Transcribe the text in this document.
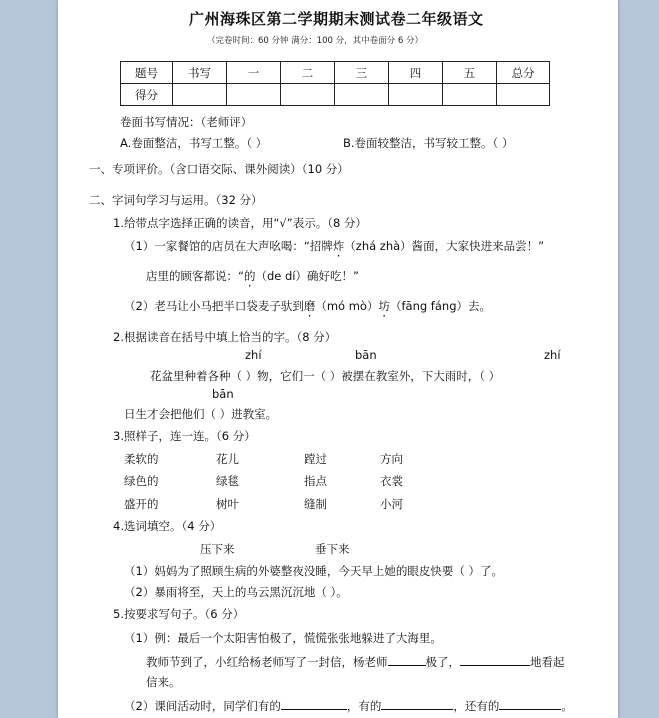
广州海珠区第二学期期末测试卷二年级语文
（完卷时间：60 分钟 满分：100 分，其中卷面分 6 分）
题号	书写	一	二	三	四	五	总分
得分							
卷面书写情况：（老师评）
A.卷面整洁，书写工整。（ ）	B.卷面较整洁，书写较工整。（ ）
一、专项评价。（含口语交际、课外阅读）（10 分）
二、字词句学习与运用。（32 分）
1.给带点字选择正确的读音，用“√”表示。（8 分）
（1）一家餐馆的店员在大声吆喝：“招牌炸（zhá zhà）酱面，大家快进来品尝！”
店里的顾客都说：“的（de dí）确好吃！”
（2）老马让小马把半口袋麦子驮到磨（mó mò）坊（fāng fáng）去。
2.根据读音在括号中填上恰当的字。（8 分）
zhí	bān	zhí
花盆里种着各种（ ）物，它们一（ ）被摆在教室外，下大雨时，（ ）
bān
日生才会把他们（ ）进教室。
3.照样子，连一连。（6 分）
柔软的	花儿	蹚过	方向
绿色的	绿毯	指点	衣裳
盛开的	树叶	缝制	小河
4.选词填空。（4 分）
压下来	垂下来
（1）妈妈为了照顾生病的外婆整夜没睡，今天早上她的眼皮快要（ ）了。
（2）暴雨将至，天上的乌云黑沉沉地（ ）。
5.按要求写句子。（6 分）
（1）例：最后一个太阳害怕极了，慌慌张张地躲进了大海里。
教师节到了，小红给杨老师写了一封信，杨老师	极了，	地看起
信来。
（2）课间活动时，同学们有的	，有的	，还有的	。
